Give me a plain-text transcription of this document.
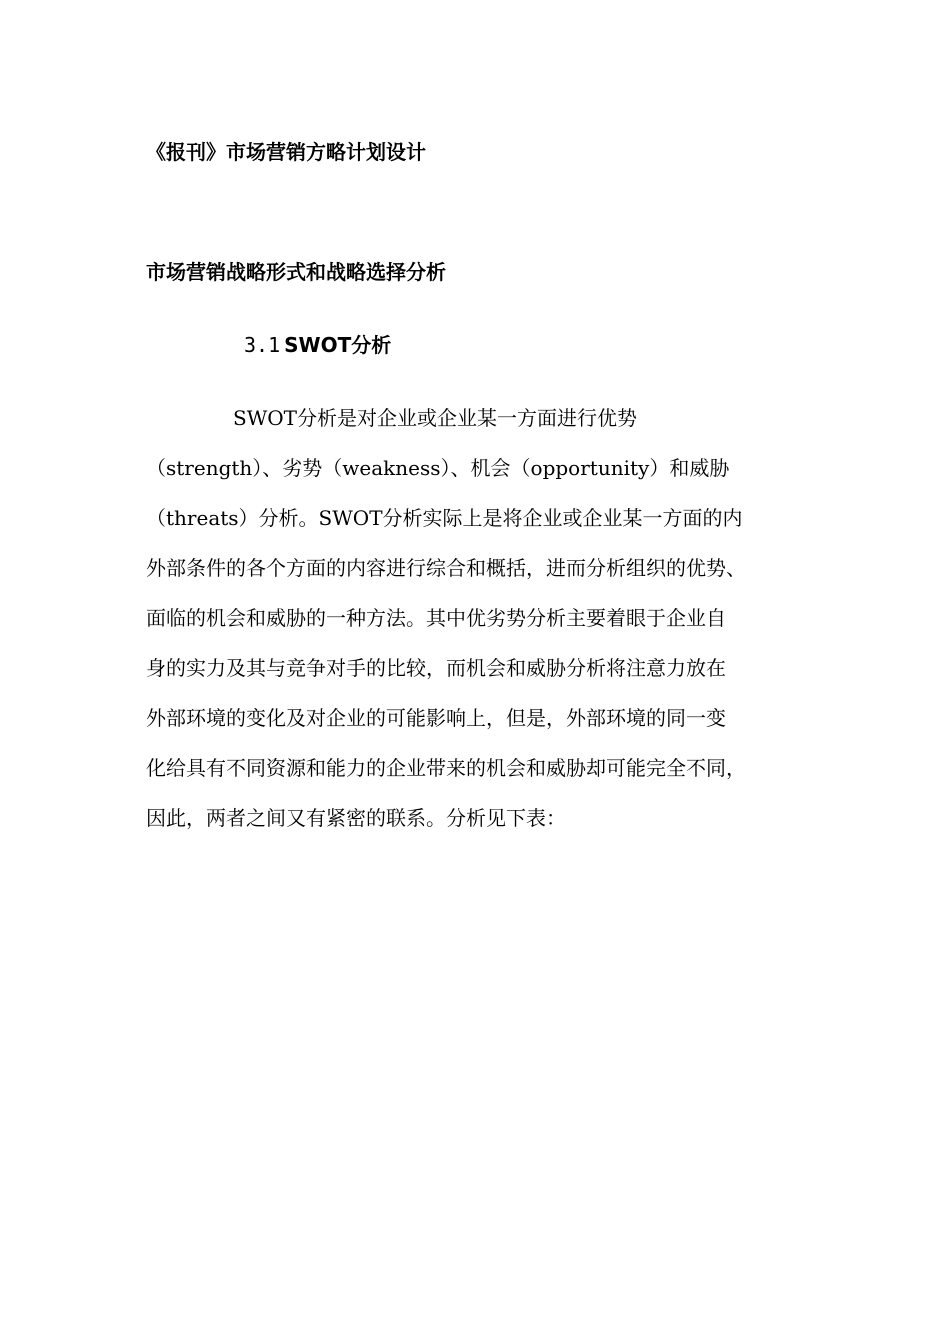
《报刊》市场营销方略计划设计
市场营销战略形式和战略选择分析
3.1 SWOT分析
SWOT分析是对企业或企业某一方面进行优势
（strength）、劣势（weakness）、机会（opportunity）和威胁
（threats）分析。SWOT分析实际上是将企业或企业某一方面的内
外部条件的各个方面的内容进行综合和概括，进而分析组织的优势、
面临的机会和威胁的一种方法。其中优劣势分析主要着眼于企业自
身的实力及其与竞争对手的比较，而机会和威胁分析将注意力放在
外部环境的变化及对企业的可能影响上，但是，外部环境的同一变
化给具有不同资源和能力的企业带来的机会和威胁却可能完全不同，
因此，两者之间又有紧密的联系。分析见下表：
